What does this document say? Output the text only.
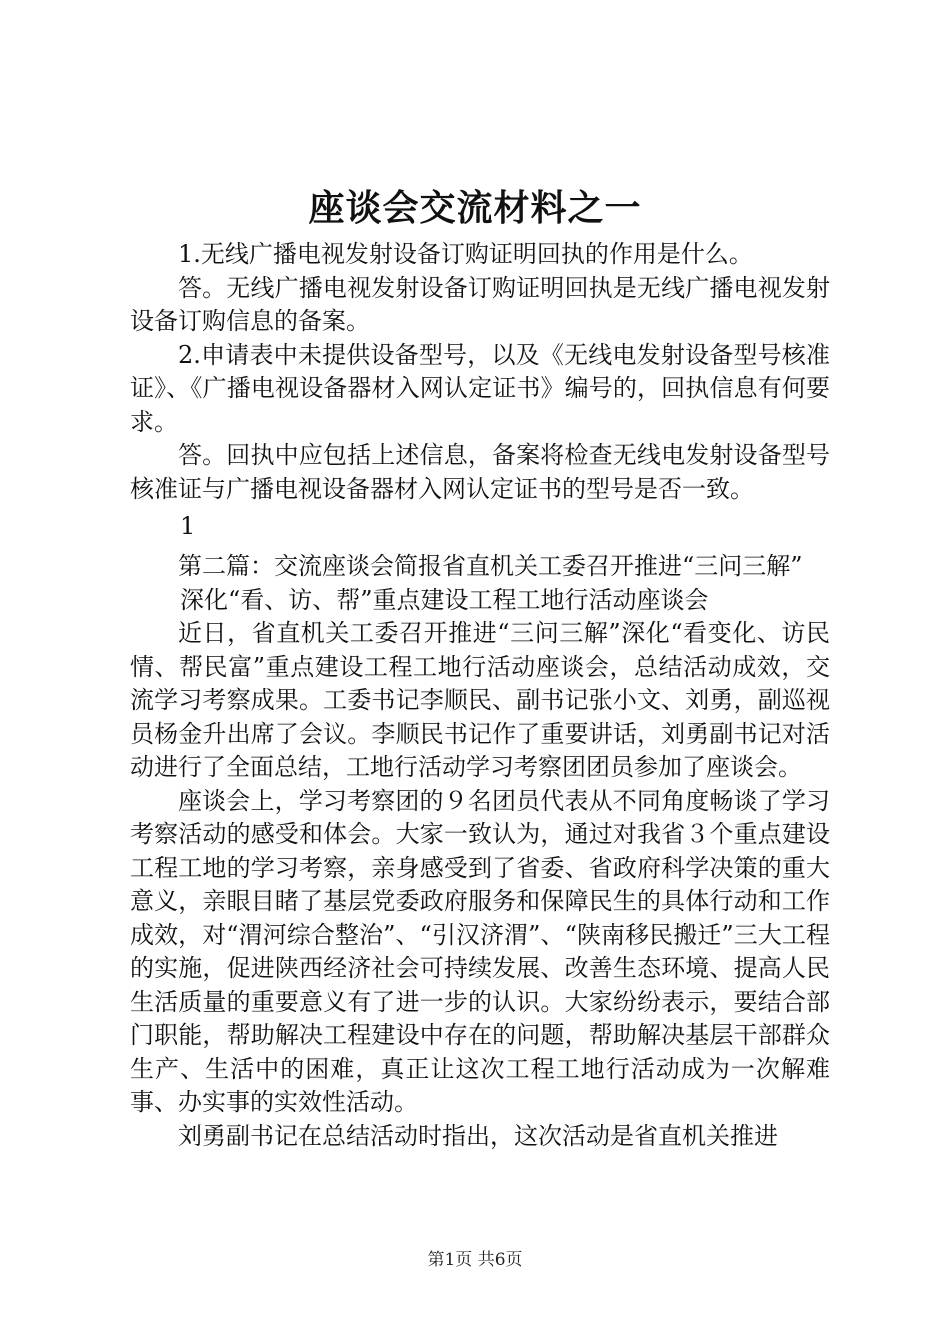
座谈会交流材料之一

1.无线广播电视发射设备订购证明回执的作用是什么。

答。无线广播电视发射设备订购证明回执是无线广播电视发射设备订购信息的备案。

2.申请表中未提供设备型号，以及《无线电发射设备型号核准证》、《广播电视设备器材入网认定证书》编号的，回执信息有何要求。

答。回执中应包括上述信息，备案将检查无线电发射设备型号核准证与广播电视设备器材入网认定证书的型号是否一致。

1

第二篇：交流座谈会简报省直机关工委召开推进“三问三解”

深化“看、访、帮”重点建设工程工地行活动座谈会

近日，省直机关工委召开推进“三问三解”深化“看变化、访民情、帮民富”重点建设工程工地行活动座谈会，总结活动成效，交流学习考察成果。工委书记李顺民、副书记张小文、刘勇，副巡视员杨金升出席了会议。李顺民书记作了重要讲话，刘勇副书记对活动进行了全面总结，工地行活动学习考察团团员参加了座谈会。

座谈会上，学习考察团的９名团员代表从不同角度畅谈了学习考察活动的感受和体会。大家一致认为，通过对我省３个重点建设工程工地的学习考察，亲身感受到了省委、省政府科学决策的重大意义，亲眼目睹了基层党委政府服务和保障民生的具体行动和工作成效，对“渭河综合整治”、“引汉济渭”、“陕南移民搬迁”三大工程的实施，促进陕西经济社会可持续发展、改善生态环境、提高人民生活质量的重要意义有了进一步的认识。大家纷纷表示，要结合部门职能，帮助解决工程建设中存在的问题，帮助解决基层干部群众生产、生活中的困难，真正让这次工程工地行活动成为一次解难事、办实事的实效性活动。

刘勇副书记在总结活动时指出，这次活动是省直机关推进

第1页 共6页
